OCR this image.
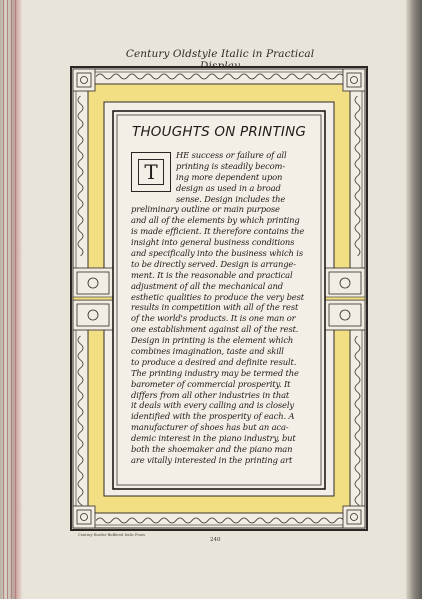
Century Oldstyle Italic in Practical
THOUGHTS ON PRINTING
T
HE success or failure of all
printing is steadily becom-
ing more dependent upon
design as used in a broad
sense. Design includes the
preliminary outline or main purpose
and all of the elements by which printing
is made efficient. It therefore contains the
insight into general business conditions
and specifically into the business which is
to be directly served. Design is arrange-
ment. It is the reasonable and practical
adjustment of all the mechanical and
esthetic qualities to produce the very best
results in competition with all of the rest
of the world's products. It is one man or
one establishment against all of the rest.
Design in printing is the element which
combines imagination, taste and skill
to produce a desired and definite result.
The printing industry may be termed the
barometer of commercial prosperity. It
differs from all other industries in that
it deals with every calling and is closely
identified with the prosperity of each. A
manufacturer of shoes has but an aca-
demic interest in the piano industry, but
both the shoemaker and the piano man
are vitally interested in the printing art
Century Border Buffered Italic Fonts
240
